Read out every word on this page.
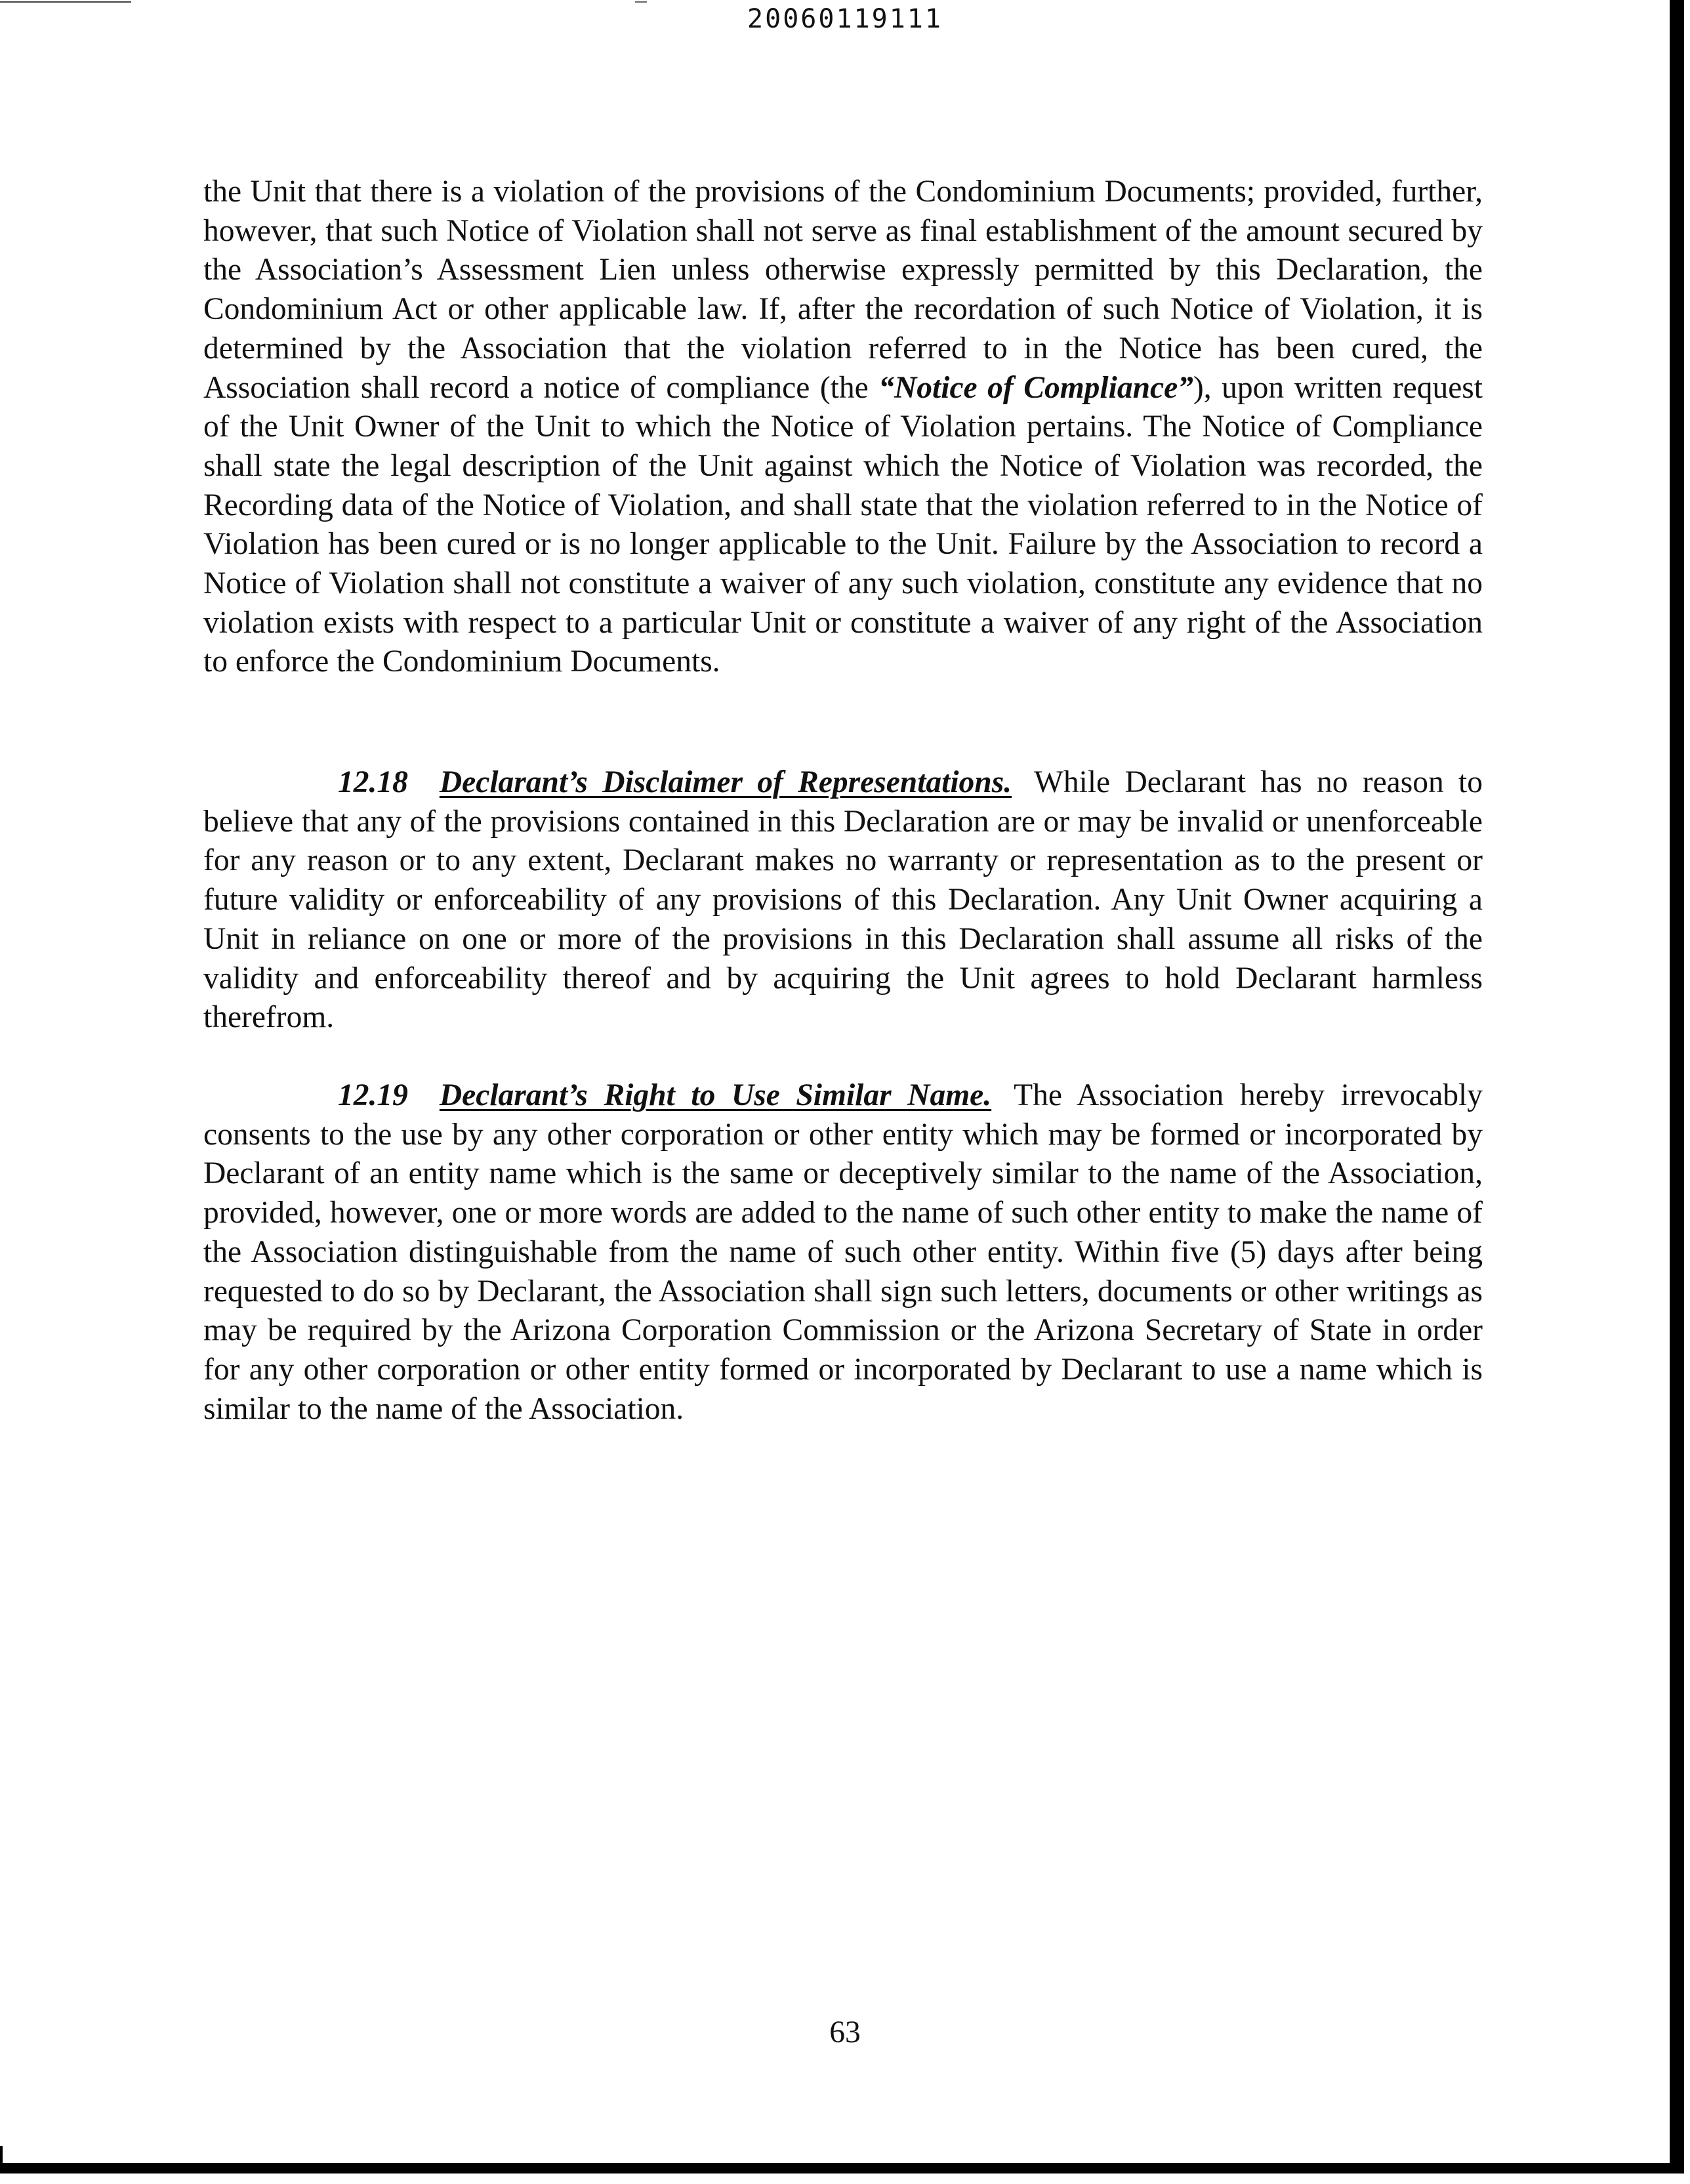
20060119111

the Unit that there is a violation of the provisions of the Condominium Documents; provided, further, however, that such Notice of Violation shall not serve as final establishment of the amount secured by the Association’s Assessment Lien unless otherwise expressly permitted by this Declaration, the Condominium Act or other applicable law. If, after the recordation of such Notice of Violation, it is determined by the Association that the violation referred to in the Notice has been cured, the Association shall record a notice of compliance (the “Notice of Compliance”), upon written request of the Unit Owner of the Unit to which the Notice of Violation pertains. The Notice of Compliance shall state the legal description of the Unit against which the Notice of Violation was recorded, the Recording data of the Notice of Violation, and shall state that the violation referred to in the Notice of Violation has been cured or is no longer applicable to the Unit. Failure by the Association to record a Notice of Violation shall not constitute a waiver of any such violation, constitute any evidence that no violation exists with respect to a particular Unit or constitute a waiver of any right of the Association to enforce the Condominium Documents.

12.18 Declarant’s Disclaimer of Representations. While Declarant has no reason to believe that any of the provisions contained in this Declaration are or may be invalid or unenforceable for any reason or to any extent, Declarant makes no warranty or representation as to the present or future validity or enforceability of any provisions of this Declaration. Any Unit Owner acquiring a Unit in reliance on one or more of the provisions in this Declaration shall assume all risks of the validity and enforceability thereof and by acquiring the Unit agrees to hold Declarant harmless therefrom.

12.19 Declarant’s Right to Use Similar Name. The Association hereby irrevocably consents to the use by any other corporation or other entity which may be formed or incorporated by Declarant of an entity name which is the same or deceptively similar to the name of the Association, provided, however, one or more words are added to the name of such other entity to make the name of the Association distinguishable from the name of such other entity. Within five (5) days after being requested to do so by Declarant, the Association shall sign such letters, documents or other writings as may be required by the Arizona Corporation Commission or the Arizona Secretary of State in order for any other corporation or other entity formed or incorporated by Declarant to use a name which is similar to the name of the Association.

63
